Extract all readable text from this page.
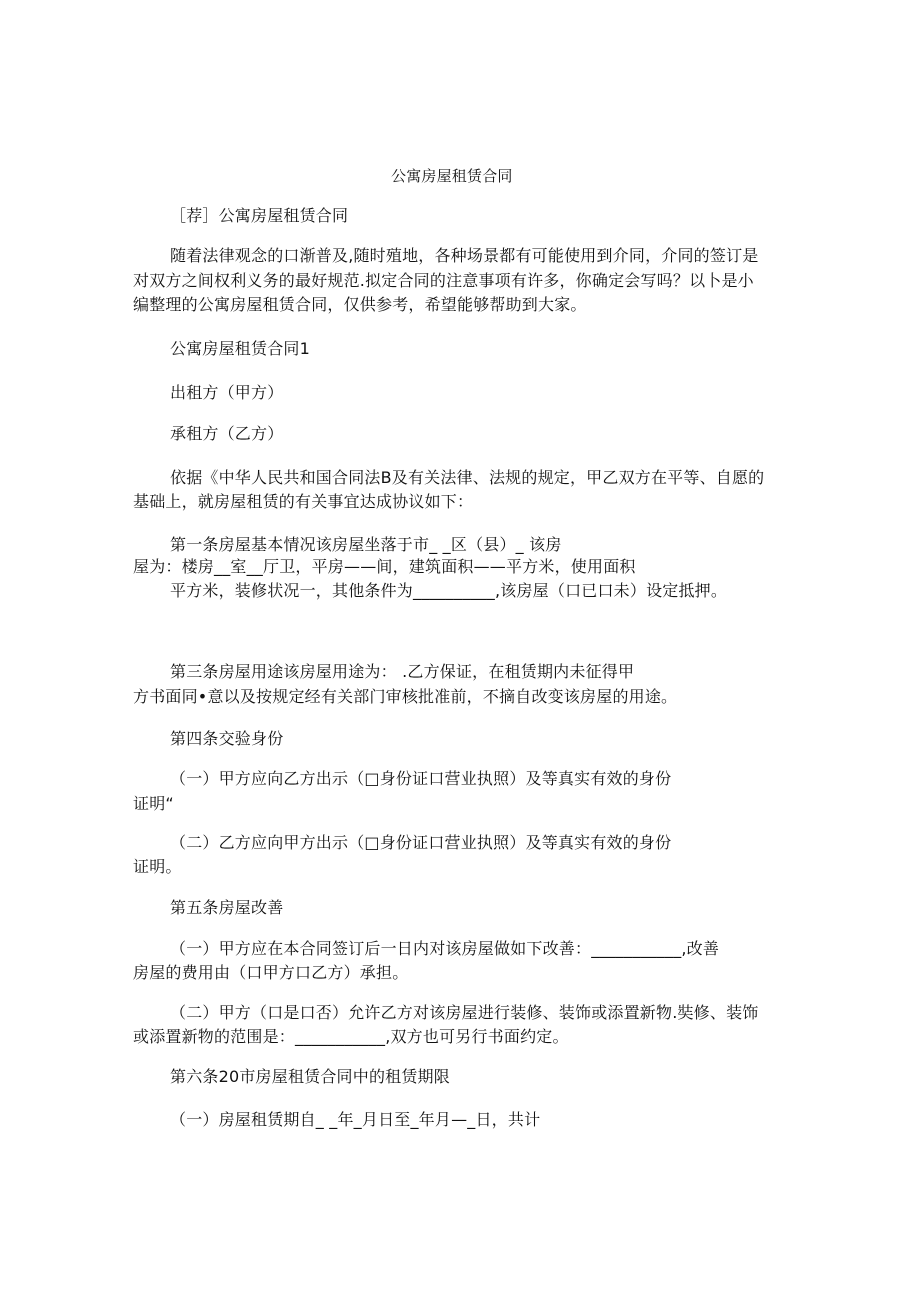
公寓房屋租赁合同
［荐］公寓房屋租赁合同
随着法律观念的口渐普及,随时殖地，各种场景都有可能使用到介同，介同的签订是
对双方之间权利义务的最好规范.拟定合同的注意事项有许多，你确定会写吗？以卜是小
编整理的公寓房屋租赁合同，仅供参考，希望能够帮助到大家。
公寓房屋租赁合同1
出租方（甲方）
承租方（乙方）
依据《中华人民共和国合同法B及有关法律、法规的规定，甲乙双方在平等、自愿的
基础上，就房屋租赁的有关事宜达成协议如下：
第一条房屋基本情况该房屋坐落于市_ _区（县）_ 该房
屋为：楼房__室__厅卫，平房——间，建筑面积——平方米，使用面积
平方米，装修状况一，其他条件为__________,该房屋（口已口未）设定抵押。
第三条房屋用途该房屋用途为： .乙方保证，在租赁期内未征得甲
方书面同•意以及按规定经有关部门审核批准前，不摘自改变该房屋的用途。
第四条交验身份
（一）甲方应向乙方出示（□身份证口营业执照）及等真实有效的身份
证明“
（二）乙方应向甲方出示（□身份证口营业执照）及等真实有效的身份
证明。
第五条房屋改善
（一）甲方应在本合同签订后一日内对该房屋做如下改善：___________,改善
房屋的费用由（口甲方口乙方）承担。
（二）甲方（口是口否）允许乙方对该房屋进行装修、装饰或添置新物.奘修、装饰
或添置新物的范围是：___________,双方也可另行书面约定。
第六条20市房屋租赁合同中的租赁期限
（一）房屋租赁期自_ _年_月日至_年月—_日，共计
